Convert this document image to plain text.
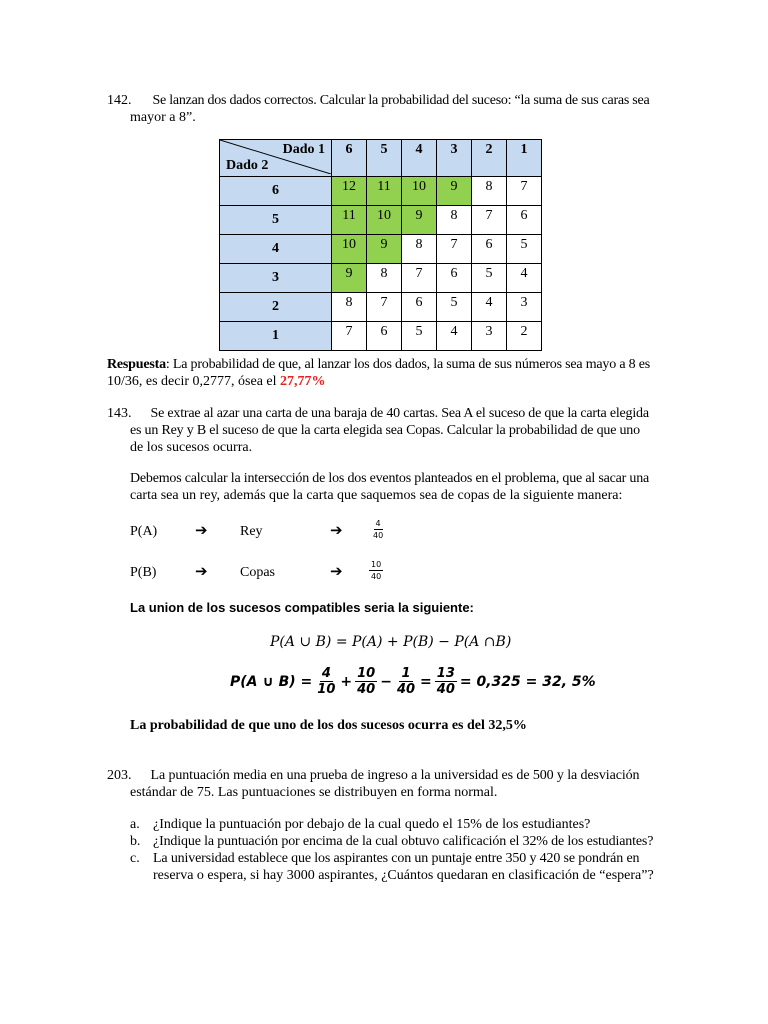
142. Se lanzan dos dados correctos. Calcular la probabilidad del suceso: “la suma de sus caras sea
mayor a 8”.
Dado 1
Dado 2	6	5	4	3	2	1
6	12	11	10	9	8	7
5	11	10	9	8	7	6
4	10	9	8	7	6	5
3	9	8	7	6	5	4
2	8	7	6	5	4	3
1	7	6	5	4	3	2
Respuesta: La probabilidad de que, al lanzar los dos dados, la suma de sus números sea mayo a 8 es
10/36, es decir 0,2777, ósea el 27,77%
143. Se extrae al azar una carta de una baraja de 40 cartas. Sea A el suceso de que la carta elegida
es un Rey y B el suceso de que la carta elegida sea Copas. Calcular la probabilidad de que uno
de los sucesos ocurra.
Debemos calcular la intersección de los dos eventos planteados en el problema, que al sacar una
carta sea un rey, además que la carta que saquemos sea de copas de la siguiente manera:
P(A)	➔ Rey	➔	$\frac{4}{40}$
P(B)	➔ Copas	➔	$\frac{10}{40}$
La union de los sucesos compatibles seria la siguiente:
P(A ∪ B) = P(A) + P(B) − P(A ∩B)
P(A ∪ $B) = \frac{4}{10} + \frac{10}{40} - \frac{1}{40} = \frac{13}{40} = 0,325 = 32$, 5%
La probabilidad de que uno de los dos sucesos ocurra es del 32,5%
203. La puntuación media en una prueba de ingreso a la universidad es de 500 y la desviación
estándar de 75. Las puntuaciones se distribuyen en forma normal.
a. ¿Indique la puntuación por debajo de la cual quedo el 15% de los estudiantes?
b. ¿Indique la puntuación por encima de la cual obtuvo calificación el 32% de los estudiantes?
c. La universidad establece que los aspirantes con un puntaje entre 350 y 420 se pondrán en
reserva o espera, si hay 3000 aspirantes, ¿Cuántos quedaran en clasificación de “espera”?
